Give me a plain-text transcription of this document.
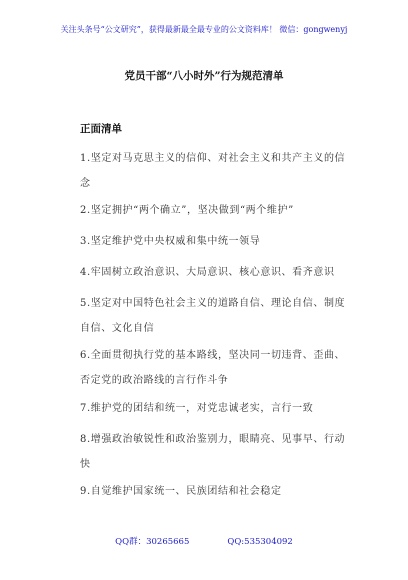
关注头条号“公文研究”，获得最新最全最专业的公文资料库！ 微信：gongwenyj
党员干部“八小时外”行为规范清单
正面清单
1.坚定对马克思主义的信仰、对社会主义和共产主义的信念
2.坚定拥护“两个确立”，坚决做到“两个维护”
3.坚定维护党中央权威和集中统一领导
4.牢固树立政治意识、大局意识、核心意识、看齐意识
5.坚定对中国特色社会主义的道路自信、理论自信、制度自信、文化自信
6.全面贯彻执行党的基本路线，坚决同一切违背、歪曲、否定党的政治路线的言行作斗争
7.维护党的团结和统一，对党忠诚老实，言行一致
8.增强政治敏锐性和政治鉴别力，眼睛亮、见事早、行动快
9.自觉维护国家统一、民族团结和社会稳定
QQ群：30265665	QQ:535304092
